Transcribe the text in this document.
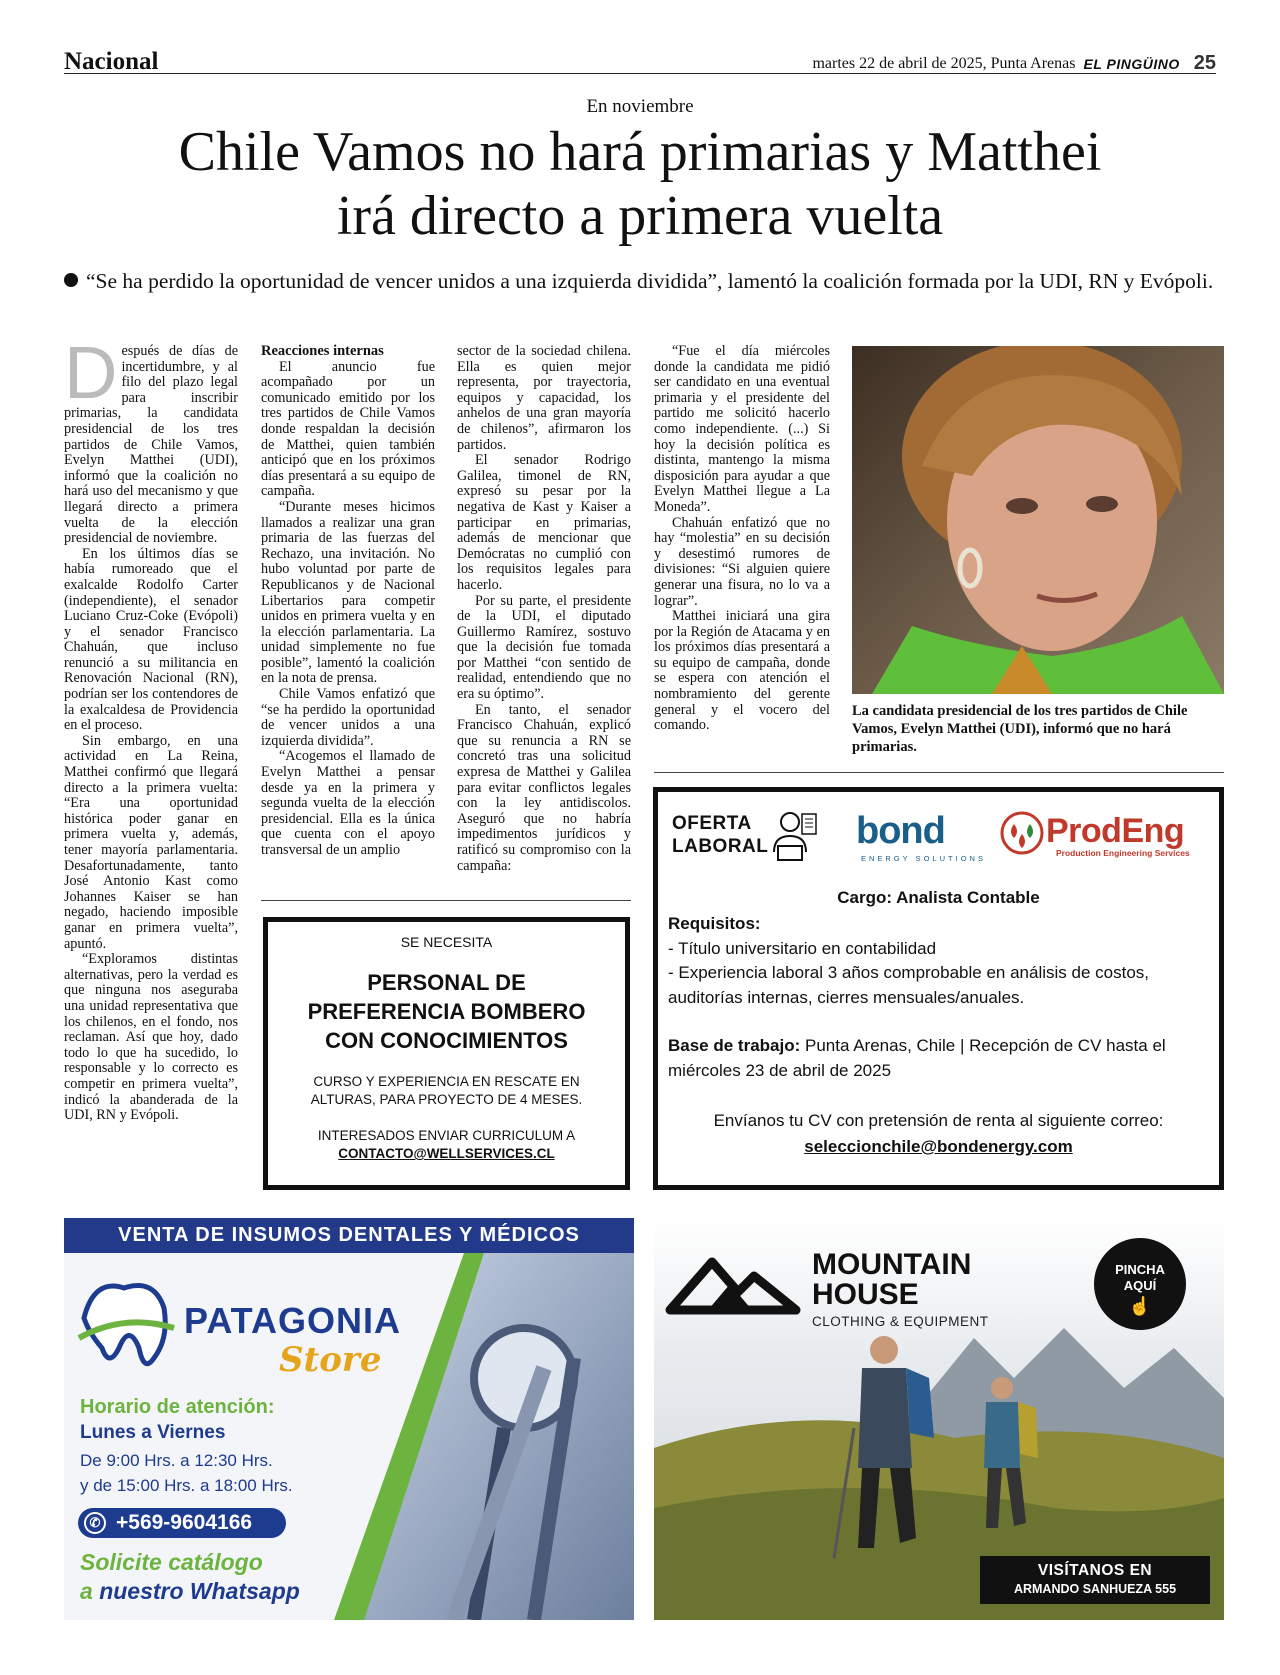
Nacional	martes 22 de abril de 2025, Punta Arenas EL PINGÜINO 25
En noviembre
Chile Vamos no hará primarias y Matthei
irá directo a primera vuelta
“Se ha perdido la oportunidad de vencer unidos a una izquierda dividida”, lamentó la coalición formada por la UDI, RN y Evópoli.
D espués de días de incertidumbre, y al filo del plazo legal para inscribir primarias, la candidata presidencial de los tres partidos de Chile Vamos, Evelyn Matthei (UDI), informó que la coalición no hará uso del mecanismo y que llegará directo a primera vuelta de la elección presidencial de noviembre.

En los últimos días se había rumoreado que el exalcalde Rodolfo Carter (independiente), el senador Luciano Cruz-Coke (Evópoli) y el senador Francisco Chahuán, que incluso renunció a su militancia en Renovación Nacional (RN), podrían ser los contendores de la exalcaldesa de Providencia en el proceso.

Sin embargo, en una actividad en La Reina, Matthei confirmó que llegará directo a la primera vuelta: “Era una oportunidad histórica poder ganar en primera vuelta y, además, tener mayoría parlamentaria. Desafortunadamente, tanto José Antonio Kast como Johannes Kaiser se han negado, haciendo imposible ganar en primera vuelta”, apuntó.

“Exploramos distintas alternativas, pero la verdad es que ninguna nos aseguraba una unidad representativa que los chilenos, en el fondo, nos reclaman. Así que hoy, dado todo lo que ha sucedido, lo responsable y lo correcto es competir en primera vuelta”, indicó la abanderada de la UDI, RN y Evópoli.

Reacciones internas

El anuncio fue acompañado por un comunicado emitido por los tres partidos de Chile Vamos donde respaldan la decisión de Matthei, quien también anticipó que en los próximos días presentará a su equipo de campaña.

“Durante meses hicimos llamados a realizar una gran primaria de las fuerzas del Rechazo, una invitación. No hubo voluntad por parte de Republicanos y de Nacional Libertarios para competir unidos en primera vuelta y en la elección parlamentaria. La unidad simplemente no fue posible”, lamentó la coalición en la nota de prensa.

Chile Vamos enfatizó que “se ha perdido la oportunidad de vencer unidos a una izquierda dividida”.

“Acogemos el llamado de Evelyn Matthei a pensar desde ya en la primera y segunda vuelta de la elección presidencial. Ella es la única que cuenta con el apoyo transversal de un amplio

sector de la sociedad chilena. Ella es quien mejor representa, por trayectoria, equipos y capacidad, los anhelos de una gran mayoría de chilenos”, afirmaron los partidos.

El senador Rodrigo Galilea, timonel de RN, expresó su pesar por la negativa de Kast y Kaiser a participar en primarias, además de mencionar que Demócratas no cumplió con los requisitos legales para hacerlo.

Por su parte, el presidente de la UDI, el diputado Guillermo Ramírez, sostuvo que la decisión fue tomada por Matthei “con sentido de realidad, entendiendo que no era su óptimo”.

En tanto, el senador Francisco Chahuán, explicó que su renuncia a RN se concretó tras una solicitud expresa de Matthei y Galilea para evitar conflictos legales con la ley antidiscolos. Aseguró que no habría impedimentos jurídicos y ratificó su compromiso con la campaña:

“Fue el día miércoles donde la candidata me pidió ser candidato en una eventual primaria y el presidente del partido me solicitó hacerlo como independiente. (...) Si hoy la decisión política es distinta, mantengo la misma disposición para ayudar a que Evelyn Matthei llegue a La Moneda”.

Chahuán enfatizó que no hay “molestia” en su decisión y desestimó rumores de divisiones: “Si alguien quiere generar una fisura, no lo va a lograr”.

Matthei iniciará una gira por la Región de Atacama y en los próximos días presentará a su equipo de campaña, donde se espera con atención el nombramiento del gerente general y el vocero del comando.

La candidata presidencial de los tres partidos de Chile Vamos, Evelyn Matthei (UDI), informó que no hará primarias.
SE NECESITA
PERSONAL DE
PREFERENCIA BOMBERO
CON CONOCIMIENTOS
CURSO Y EXPERIENCIA EN RESCATE EN
ALTURAS, PARA PROYECTO DE 4 MESES.
INTERESADOS ENVIAR CURRICULUM A
CONTACTO@WELLSERVICES.CL
OFERTA
LABORAL bond
ENERGY SOLUTIONS
ProdEng
Production Engineering Services
Cargo: Analista Contable
Requisitos:
- Título universitario en contabilidad
- Experiencia laboral 3 años comprobable en análisis de costos, auditorías internas, cierres mensuales/anuales.
Base de trabajo: Punta Arenas, Chile | Recepción de CV hasta el miércoles 23 de abril de 2025
Envíanos tu CV con pretensión de renta al siguiente correo:
seleccionchile@bondenergy.com
VENTA DE INSUMOS DENTALES Y MÉDICOS
PATAGONIA
Store
Horario de atención:
Lunes a Viernes
De 9:00 Hrs. a 12:30 Hrs.
y de 15:00 Hrs. a 18:00 Hrs.
✆ +569-9604166
Solicite catálogo
a nuestro Whatsapp
MOUNTAIN
HOUSE
CLOTHING & EQUIPMENT
PINCHA
AQUÍ
☝
VISÍTANOS EN
ARMANDO SANHUEZA 555
